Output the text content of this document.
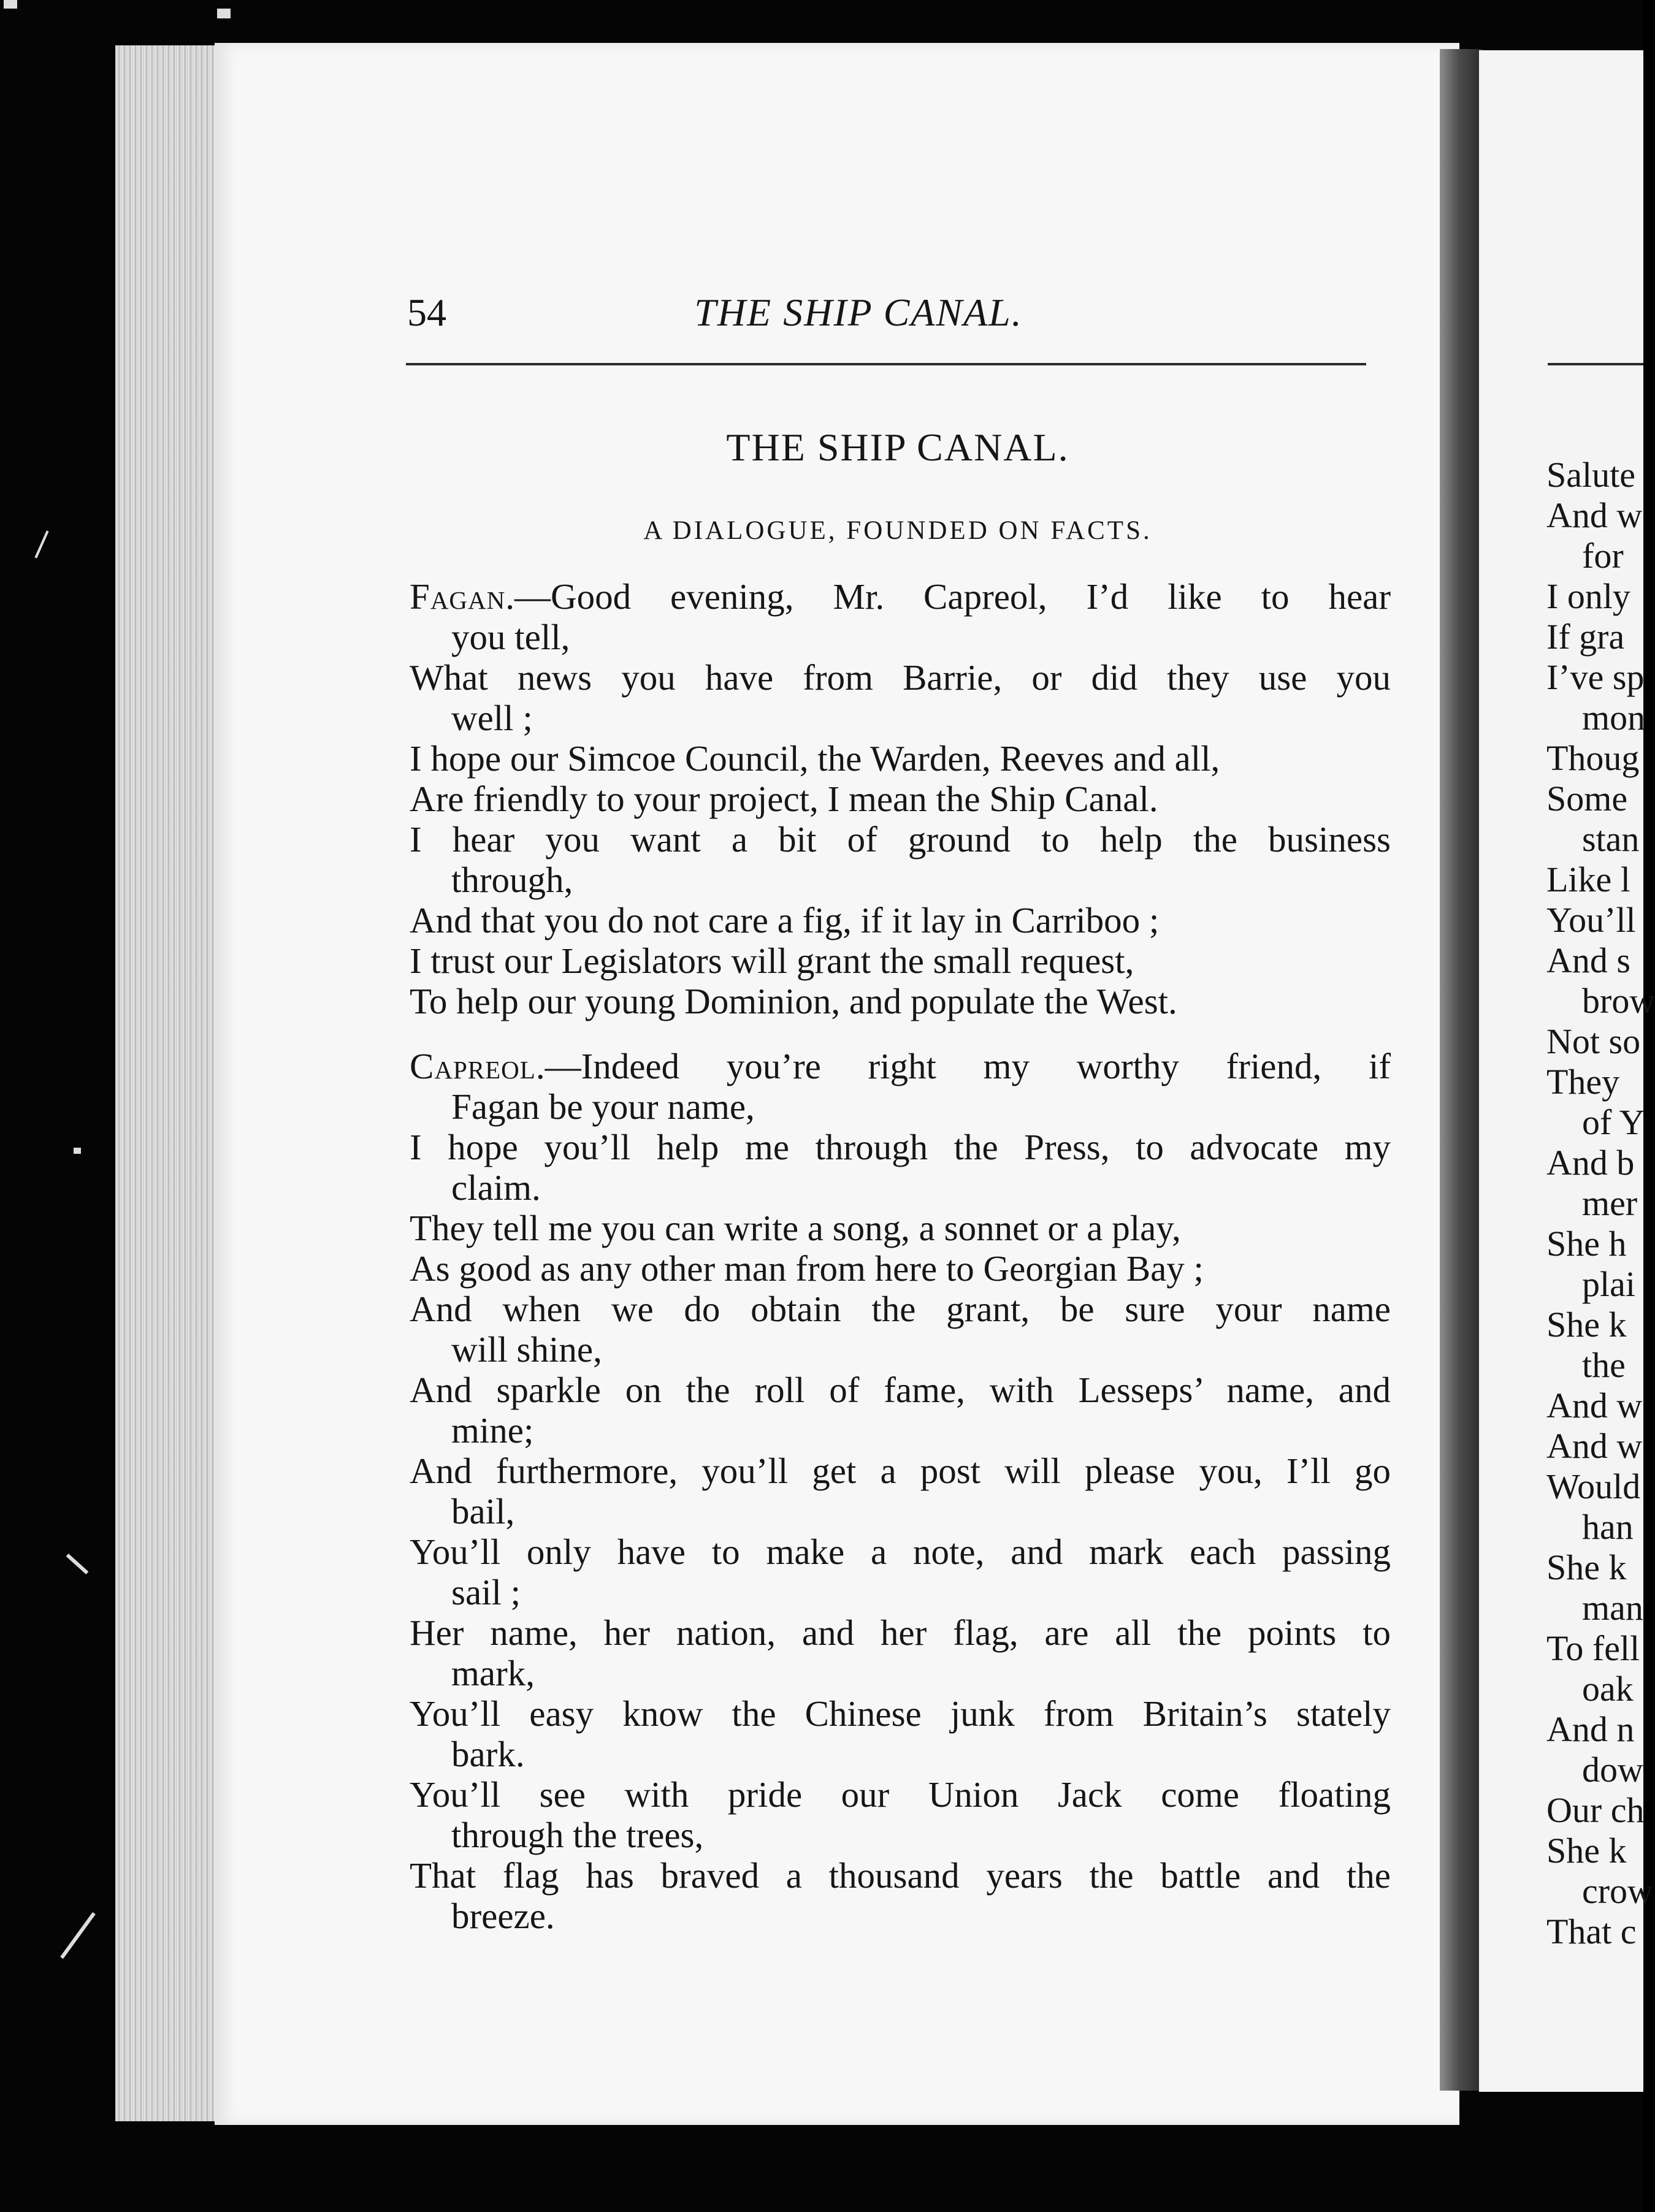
54	THE SHIP CANAL.
THE SHIP CANAL.
A DIALOGUE, FOUNDED ON FACTS.
Fagan.—Good evening, Mr. Capreol, I’d like to hear
you tell,
What news you have from Barrie, or did they use you
well ;
I hope our Simcoe Council, the Warden, Reeves and all,
Are friendly to your project, I mean the Ship Canal.
I hear you want a bit of ground to help the business
through,
And that you do not care a fig, if it lay in Carriboo ;
I trust our Legislators will grant the small request,
To help our young Dominion, and populate the West.
Capreol.—Indeed you’re right my worthy friend, if
Fagan be your name,
I hope you’ll help me through the Press, to advocate my
claim.
They tell me you can write a song, a sonnet or a play,
As good as any other man from here to Georgian Bay ;
And when we do obtain the grant, be sure your name
will shine,
And sparkle on the roll of fame, with Lesseps’ name, and
mine;
And furthermore, you’ll get a post will please you, I’ll go
bail,
You’ll only have to make a note, and mark each passing
sail ;
Her name, her nation, and her flag, are all the points to
mark,
You’ll easy know the Chinese junk from Britain’s stately
bark.
You’ll see with pride our Union Jack come floating
through the trees,
That flag has braved a thousand years the battle and the
breeze.
Salute
And w
for
I only
If gra
I’ve sp
mon
Thoug
Some
stan
Like l
You’ll
And s
brow
Not so
They
of Y
And b
mer
She h
plai
She k
the
And w
And w
Would
han
She k
man
To fell
oak
And n
dow
Our ch
She k
crow
That c
